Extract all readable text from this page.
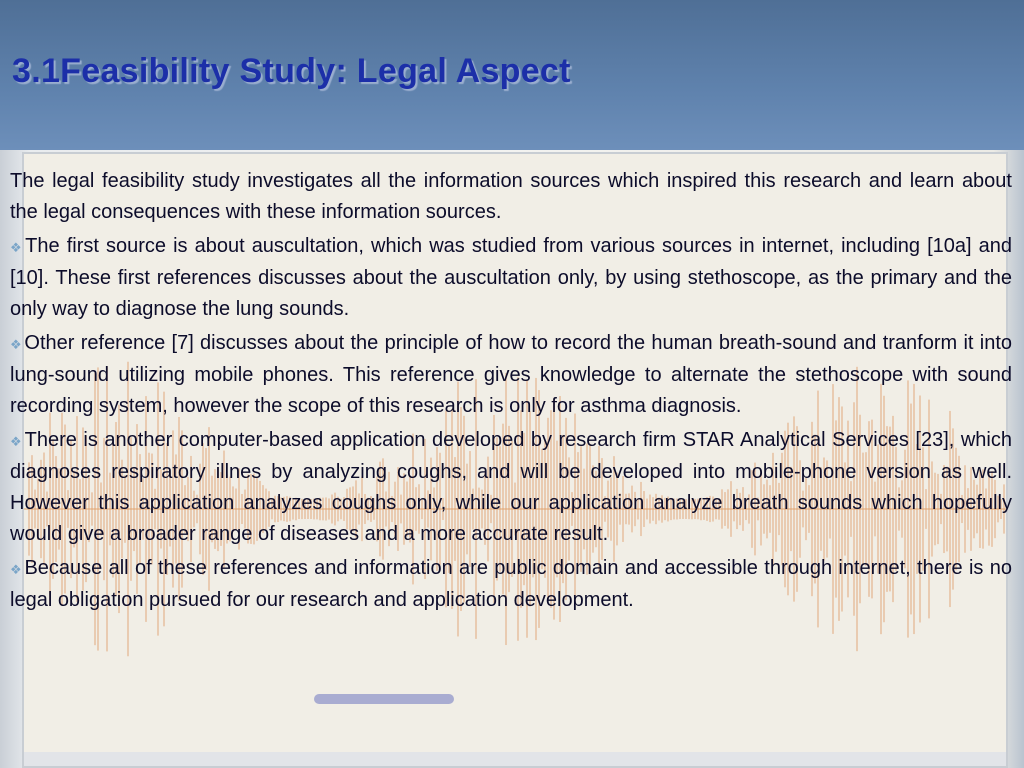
3.1Feasibility Study: Legal Aspect

The legal feasibility study investigates all the information sources which inspired this research and learn about the legal consequences with these information sources.

❖ The first source is about auscultation, which was studied from various sources in internet, including [10a] and [10]. These first references discusses about the auscultation only, by using stethoscope, as the primary and the only way to diagnose the lung sounds.

❖ Other reference [7] discusses about the principle of how to record the human breath-sound and tranform it into lung-sound utilizing mobile phones. This reference gives knowledge to alternate the stethoscope with sound recording system, however the scope of this research is only for asthma diagnosis.

❖ There is another computer-based application developed by research firm STAR Analytical Services [23], which diagnoses respiratory illnes by analyzing coughs, and will be developed into mobile-phone version as well. However this application analyzes coughs only, while our application analyze breath sounds which hopefully would give a broader range of diseases and a more accurate result.

❖ Because all of these references and information are public domain and accessible through internet, there is no legal obligation pursued for our research and application development.
